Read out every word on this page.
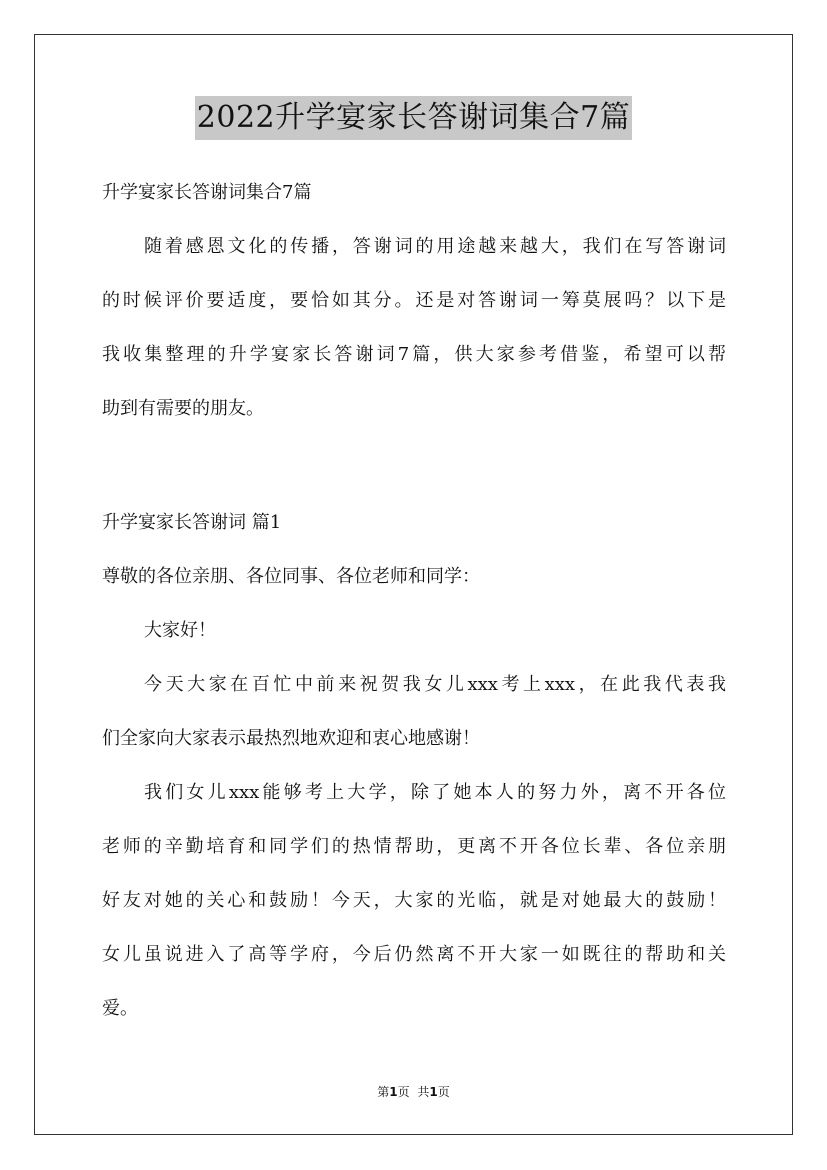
2022升学宴家长答谢词集合7篇
升学宴家长答谢词集合7篇
随着感恩文化的传播，答谢词的用途越来越大，我们在写答谢词
的时候评价要适度，要恰如其分。还是对答谢词一筹莫展吗？以下是
我收集整理的升学宴家长答谢词7篇，供大家参考借鉴，希望可以帮
助到有需要的朋友。
升学宴家长答谢词 篇1
尊敬的各位亲朋、各位同事、各位老师和同学：
大家好！
今天大家在百忙中前来祝贺我女儿xxx考上xxx，在此我代表我
们全家向大家表示最热烈地欢迎和衷心地感谢！
我们女儿xxx能够考上大学，除了她本人的努力外，离不开各位
老师的辛勤培育和同学们的热情帮助，更离不开各位长辈、各位亲朋
好友对她的关心和鼓励！今天，大家的光临，就是对她最大的鼓励！
女儿虽说进入了高等学府，今后仍然离不开大家一如既往的帮助和关
爱。
第1页 共1页
